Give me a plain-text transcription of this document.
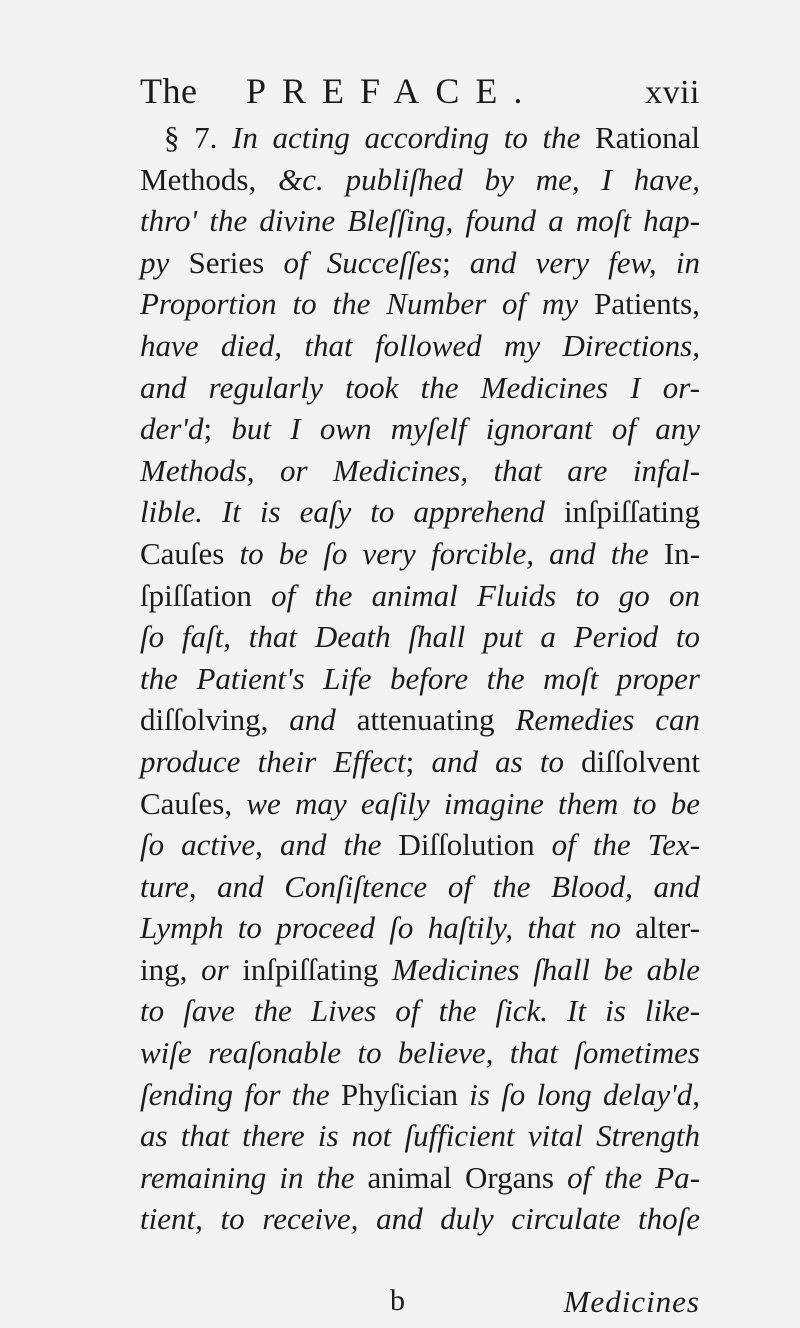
The PREFACE.	xvii
§ 7. In acting according to the Rational
Methods, &c. publiſhed by me, I have,
thro' the divine Bleſſing, found a moſt hap-
py Series of Succeſſes; and very few, in
Proportion to the Number of my Patients,
have died, that followed my Directions,
and regularly took the Medicines I or-
der'd; but I own myſelf ignorant of any
Methods, or Medicines, that are infal-
lible. It is eaſy to apprehend inſpiſſating
Cauſes to be ſo very forcible, and the In-
ſpiſſation of the animal Fluids to go on
ſo faſt, that Death ſhall put a Period to
the Patient's Life before the moſt proper
diſſolving, and attenuating Remedies can
produce their Effect; and as to diſſolvent
Cauſes, we may eaſily imagine them to be
ſo active, and the Diſſolution of the Tex-
ture, and Conſiſtence of the Blood, and
Lymph to proceed ſo haſtily, that no alter-
ing, or inſpiſſating Medicines ſhall be able
to ſave the Lives of the ſick. It is like-
wiſe reaſonable to believe, that ſometimes
ſending for the Phyſician is ſo long delay'd,
as that there is not ſufficient vital Strength
remaining in the animal Organs of the Pa-
tient, to receive, and duly circulate thoſe
b	Medicines
